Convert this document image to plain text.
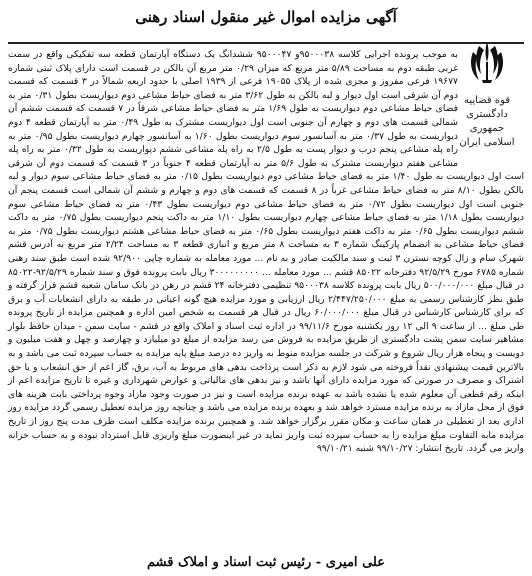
آگهی مزایده اموال غیر منقول اسناد رهنی
قوه قضاییه
دادگستری جمهوری
اسلامی ایران

به موجب پرونده اجرایی کلاسه ۹۵۰۰۰۳۸و ۹۵۰۰۰۴۷ ششدانگ یک دستگاه آپارتمان قطعه سه تفکیکی واقع در سمت غربی طبقه دوم به مساحت ۵/۸۹ متر مربع که میزان ۰/۲۹ متر مربع آن بالکن در قسمت است دارای پلاک ثبتی شماره ۱۹۶۷۷ فرعی مفروز و مجزی شده از پلاک ۱۹۰۵۵ فرعی از ۱۹۳۹ اصلی با حدود اربعه شمالاً در ۳ قسمت که قسمت دوم آن شرقی است اول دیوار و لبه بالکن به طول ۳/۶۲ متر به فضای حیاط مشاعی دوم دیواریست بطول ۰/۳۱ متر به فضای حیاط مشاعی دوم دیواریست به طول ۱/۶۹ متر به فضای حیاط مشاعی شرقاً در ۷ قسمت که قسمت ششم آن شمالی قسمت های دوم و چهارم آن جنوبی است اول دیواریست مشترک به طول ۰/۴۹ متر به آپارتمان قطعه ۴ دوم دیواریست به طول ۰/۳۷ متر به آسانسور سوم دیواریست بطول ۱/۶۰ به آسانسور چهارم دیواریست بطول ۰/۹۵ متر به راه پله مشاعی پنجم درب و دیوار پست به طول ۲/۵ به راه پله مشاعی ششم دیواریست به طول ۰/۳۲ متر به راه پله مشاعی هفتم دیواریست مشترک به طول ۵/۶ متر به آپارتمان قطعه ۴ جنوباً در ۳ قسمت که قسمت دوم آن شرقی است اول دیواریست به طول ۱/۴۰ متر به فضای حیاط مشاعی دوم دیواریست بطول ۰/۱۵ متر به فضای حیاط مشاعی سوم دیوار و لبه بالکن بطول ۸/۱۰ متر به فضای حیاط مشاعی غرباً در ۸ قسمت که قسمت های دوم و چهارم و ششم آن شمالی است قسمت پنجم آن جنوبی است اول دیواریست بطول ۰/۷۲ متر به فضای حیاط مشاعی دوم دیواریست بطول ۰/۴۳ متر به فضای حیاط مشاعی سوم دیواریست بطول ۱/۱۸ متر به فضای حیاط مشاعی چهارم دیواریست بطول ۱/۱۰ متر به داکت پنجم دیواریست بطول ۰/۷۵ متر به داکت ششم دیواریست بطول ۰/۶۵ متر به داکت هفتم دیواریست بطول ۰/۶۵ متر به فضای حیاط مشاعی هشتم دیواریست بطول ۰/۷۵ متر به فضای حیاط مشاعی به انضمام پارکینگ شماره ۳ به مساحت ۸ متر مربع و انباری قطعه ۳ به مساحت ۲/۲۴ متر مربع به آدرس قشم شهرک سام و زال کوچه نسترن ۳ ثبت و سند مالکیت صادر و به نام ... مورد معامله به شماره چاپی ۹۲/۹۰۰ شده است طبق سند رهنی شماره ۶۷۸۵ مورخ ۹۲/۵/۲۹ دفترخانه ۸۵۰۲۲ قشم ... مورد معامله ... ۳۰۰۰۰۰۰۰۰۰ ریال بابت پرونده فوق و سند شماره ۹۲/۵/۲۹-۸۵۰۲۲ در قبال مبلغ ۵۰۰/۰۰۰/۰۰۰ ریال بابت پرونده کلاسه ۹۵۰۰۰۳۸ تنظیمی دفترخانه ۲۴ قشم در رهن در بانک سامان شعبه قشم قرار گرفته و طبق نظر کارشناس رسمی به مبلغ ۲/۴۴۷/۲۵۰/۰۰۰ ریال ارزیابی و مورد مزایده هیچ گونه اعیانی در طبقه به دارای انشعابات آب و برق که برای کارشناس کارشناس در قبال مبلغ ۶۰/۰۰۰/۰۰۰ ریال در قبال هر قسمت به شخص امین اداره و همچنین مزایده از تاریخ پرونده طی مبلغ ... از ساعت ۹ الی ۱۲ روز یکشنبه مورخ ۹۹/۱۱/۶ در اداره ثبت اسناد و املاک واقع در قشم - سایت سمن - میدان حافظ بلوار مشاهیر سایت سمن پشت دادگستری از طریق مزایده به فروش می رسد مزایده از مبلغ دو میلیارد و چهارصد و چهل و هفت میلیون و دویست و پنجاه هزار ریال شروع و شرکت در جلسه مزایده منوط به واریز ده درصد مبلغ پایه مزایده به حساب سپرده ثبت می باشد و به بالاترین قیمت پیشنهادی نقداً فروخته می شود لازم به ذکر است پرداخت بدهی های مربوط به آب، برق، گاز اعم از حق انشعاب و یا حق اشتراک و مصرف در صورتی که مورد مزایده دارای آنها باشد و نیز بدهی های مالیاتی و عوارض شهرداری و غیره تا تاریخ مزایده اعم از اینکه رقم قطعی آن معلوم شده یا نشده باشد به عهده برنده مزایده است و نیز در صورت وجود مازاد وجوه پرداختی بابت هزینه های فوق از محل مازاد به برنده مزایده مسترد خواهد شد و بعهده برنده مزایده می باشد و چنانچه روز مزایده تعطیل رسمی گردد مزایده روز اداری بعد از تعطیلی در همان ساعت و مکان مقرر برگزار خواهد شد. و همچنین برنده مزایده مکلف است ظرف مدت پنج روز از تاریخ مزایده مابه التفاوت مبلغ مزایده را به حساب سپرده ثبت واریز نماید در غیر اینصورت مبلغ واریزی قابل استرداد نبوده و به حساب خزانه واریز می گردد. تاریخ انتشار: ۹۹/۱۰/۲۷ شنبه ۹۹/۱۰/۲۱

علی امیری - رئیس ثبت اسناد و املاک قشم
